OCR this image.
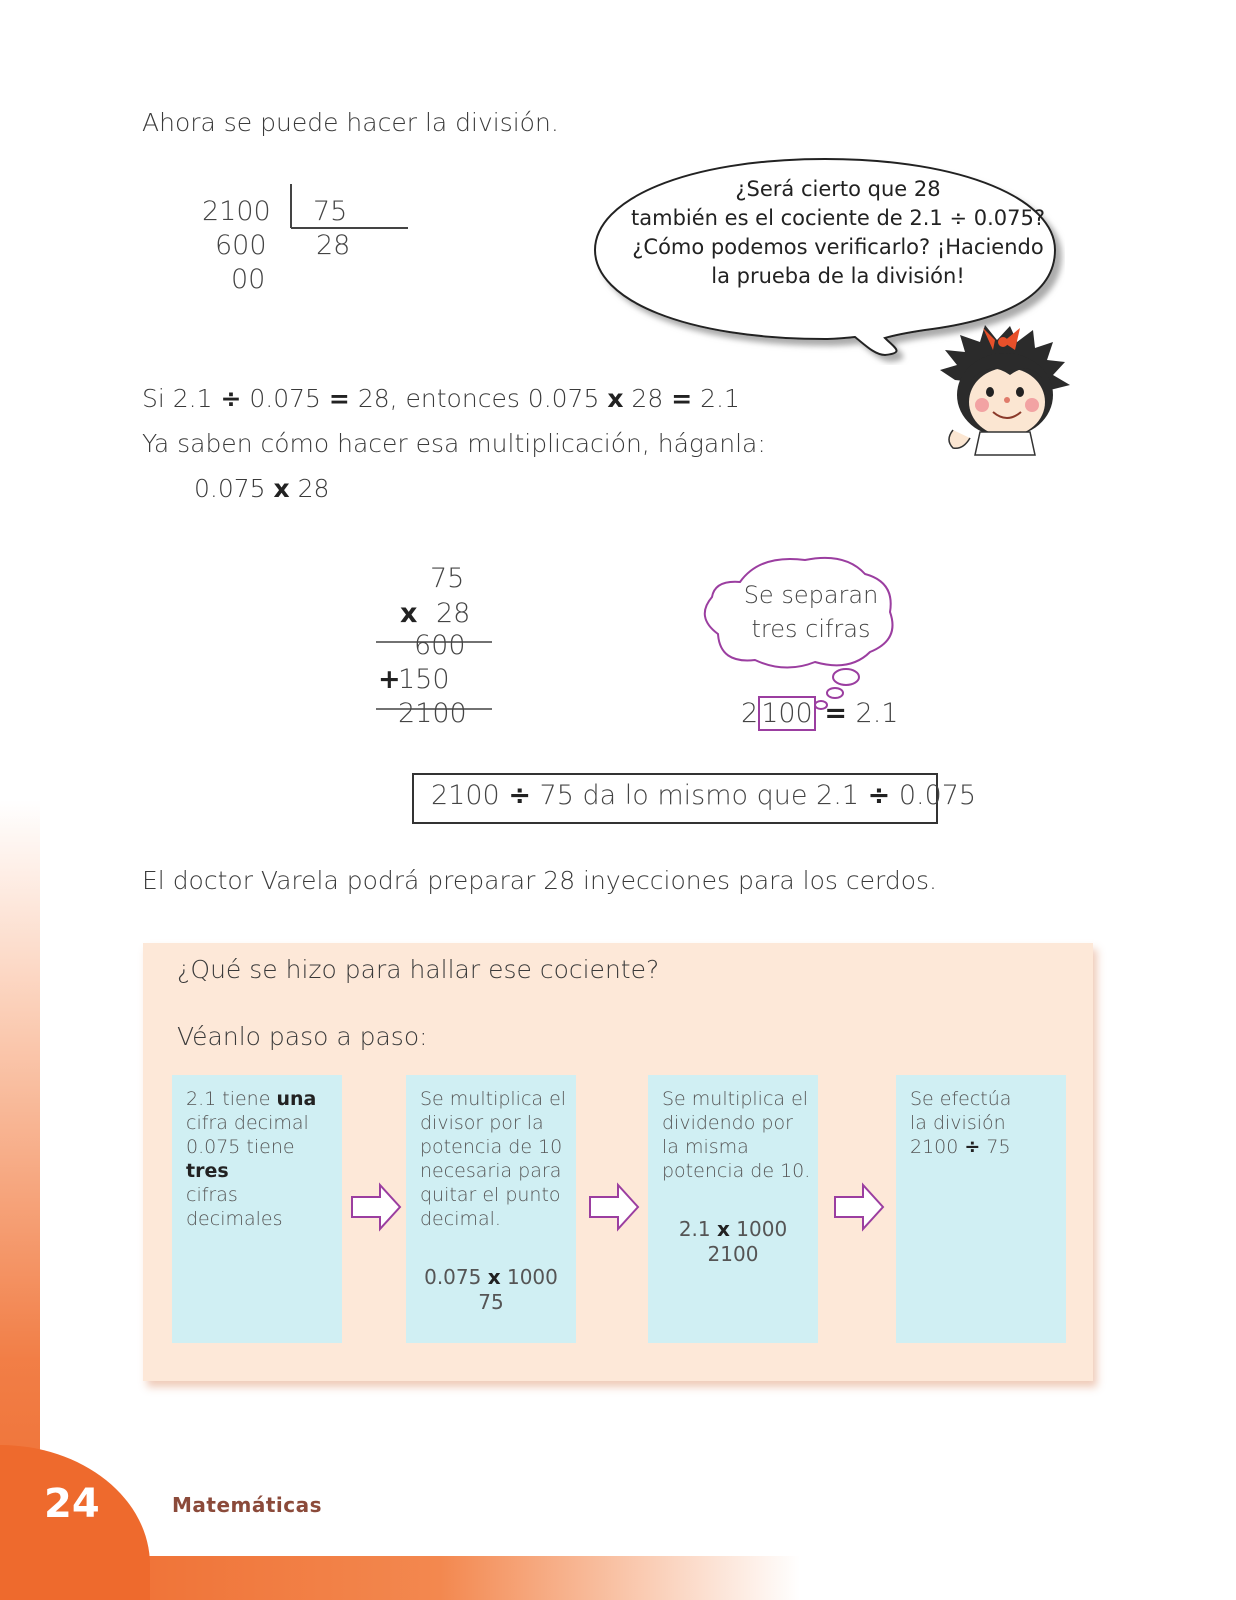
24	Matemáticas
Ahora se puede hacer la división.
2100
600
00
75
28
¿Será cierto que 28
también es el cociente de 2.1 ÷ 0.075?
¿Cómo podemos verificarlo? ¡Haciendo
la prueba de la división!
Si 2.1 ÷ 0.075 = 28, entonces 0.075 x 28 = 2.1
Ya saben cómo hacer esa multiplicación, háganla:
0.075 x 28
75
x 28
600
+
150
2100
Se separan
tres cifras
2 100 = 2.1
2100 ÷ 75 da lo mismo que 2.1 ÷ 0.075
El doctor Varela podrá preparar 28 inyecciones para los cerdos.
¿Qué se hizo para hallar ese cociente?
Véanlo paso a paso:
2.1 tiene una
cifra decimal
0.075 tiene tres
cifras decimales
Se multiplica el divisor por la potencia de 10 necesaria para quitar el punto decimal.
0.075 x 1000
75
Se multiplica el dividendo por la misma potencia de 10.
2.1 x 1000
2100
Se efectúa
la división
2100 ÷ 75
